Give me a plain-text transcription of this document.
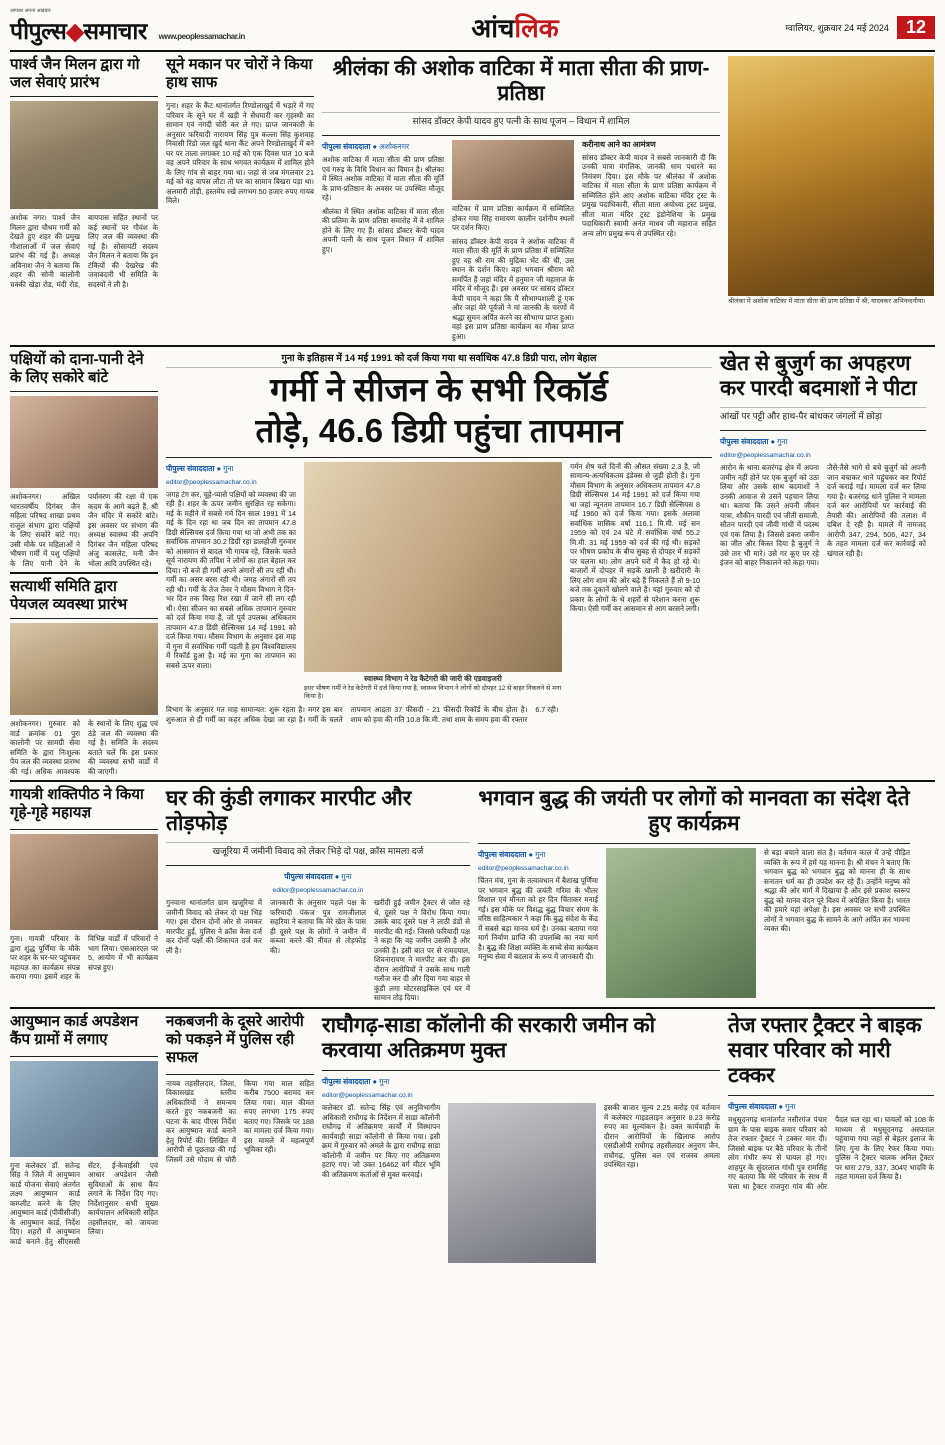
आपका अपना अखबार
पीपुल्स◆समाचार www.peoplessamachar.in	आंचलिक	ग्वालियर, शुक्रवार 24 मई 2024 12
पार्श्व जैन मिलन द्वारा गो जल सेवाएं प्रारंभ
अशोक नगर। पार्श्व जैन मिलन द्वारा चौथम गर्मी को देखते हुए शहर की प्रमुख गौशालाओं में जल सेवाएं प्रारंभ की गई हैं। अध्यक्ष अविनाश जैन ने बताया कि शहर की सोनी कालोनी चक्की खेड़ा रोड, मंदी रोड, बायपास सहित स्थानों पर कई स्थानों पर गौवंश के लिए जल की व्यवस्था की गई है। सोसायटी सदस्य जैन मिलन ने बताया कि इन टंकियों की देखरेख की जवाबदारी भी समिति के सदस्यों ने ली है।
सूने मकान पर चोरों ने किया हाथ साफ
गुना। शहर के कैंट थानांतर्गत रिण्डोलाखुर्द में भड़ारे में गए परिवार के सूने घर में खड़ी ने सेंधमारी कर गृहस्थी का सामान एवं नगदी चोरी कर ले गए। प्राप्त जानकारी के अनुसार फरियादी नारायण सिंह पुत्र कल्ला सिंह कुशवाह निवासी रिंडो जल खुर्द थाना कैंट अपने रिण्डोलाखुर्द में बने घर पर ताला लगाकर 10 मई को एक दिवस पात 10 बजे वह अपने परिवार के साथ भगवत कार्यक्रम में शामिल होने के लिए गांव से बाहर गया था। जहां से जब मंगलवार 21 मई को वह वापस लौटा तो घर का सामान बिखरा पड़ा था। अलमारी तोड़ी, हस्तमेघ रखे लगभग 50 हजार रुपए गायब मिले।
श्रीलंका की अशोक वाटिका में माता सीता की प्राण-प्रतिष्ठा
सांसद डॉक्टर केपी यादव हुए पत्नी के साथ पूजन – विधान में शामिल
पीपुल्स संवाददाता ● अशोकनगर
अशोक वाटिका में माता सीता की प्राण प्रतिष्ठा एवं गरुड़ के विधि विधान का विमान है। श्रीलंका में स्थित अशोक वाटिका में माता सीता की मूर्ति के प्राण-प्रतिष्ठान के अवसर पर उपस्थित मौजूद रहे।
श्रीलंका में स्थित अशोक वाटिका में माता सीता की प्रतिमा के प्राण प्रतिष्ठा समारोह में वे शामिल होने के लिए गए हैं। सांसद डॉक्टर केपी यादव अपनी पत्नी के साथ पूजन विधान में शामिल हुए।
वाटिका में प्राण प्रतिष्ठा कार्यक्रम में सम्मिलित होकर गया सिंह रामायण कालीन दर्शनीय स्थलों पर दर्शन किए।
सांसद डॉक्टर केपी यादव ने अशोक वाटिका में माता सीता की मूर्ति के प्राण प्रतिष्ठा में सम्मिलित हुए वह श्री राम की मुद्रिका भेंट की थी, उस स्थान के दर्शन किए। वहां भगवान श्रीराम को समर्पित हैं जहां मंदिर में हनुमान जी महाराज के मंदिर में मौजूद हैं। इस अवसर पर सांसद डॉक्टर केपी यादव ने कहा कि मैं सौभाग्यशाली हूं एक और जहां मेरे पूर्वजों ने मां जानकी के चरणों में श्रद्धा सुमन अर्पित करने का सौभाग्य प्राप्त हुआ। वहां इस प्राण प्रतिष्ठा कार्यक्रम का मौका प्राप्त हुआ।
करीनाथ आने का आमंत्रण
सांसद डॉक्टर केपी यादव ने सबसे जानकारी दी कि उनकी यात्रा मंगलिक, जानकी धाम पधारने का निमंत्रण दिया। इस मौके पर श्रीलंका में अशोक वाटिका में माता सीता के प्राण प्रतिष्ठा कार्यक्रम में सम्मिलित होने आए अशोक वाटिका मंदिर ट्रस्ट के प्रमुख पदाधिकारी, सीता माता अयोध्या ट्रस्ट प्रमुख, सीता माता मंदिर ट्रस्ट इंडोनेशिया के प्रमुख पदाधिकारी स्वामी अनंत माधव जी महाराज सहित अन्य लोग प्रमुख रूप से उपस्थित रहे।
श्रीलंका में अशोक वाटिका में माता सीता की प्राण प्रतिष्ठा में श्री, यादवकर अभिनन्दनीया।
पक्षियों को दाना-पानी देने के लिए सकोरे बांटे
अशोकनगर। अखिल भारतवर्षीय दिगंबर जैन महिला परिषद शाखा प्रथम राजुल संभाग द्वारा पक्षियों के लिए सकोरे बांटे गए। उसी मौके पर महिलाओं ने भीषण गर्मी में पशु पक्षियों के लिए पानी देने के पर्यावरण की रक्षा में एक कदम के आगे बढ़ते हैं, श्री जैन मंदिर में सकोरे बांटे। इस अवसर पर संभाग की अध्यक्ष स्वास्थ्य की अपनि दिगंबर जैन महिला परिषद अंजु कासलेट, मनी जैन भोला आदि उपस्थित रहे।
सत्यार्थी समिति द्वारा पेयजल व्यवस्था प्रारंभ
अशोकनगर। गुरुवार को वार्ड क्रमांक 01 पुरा कालोनी पर सामग्री सेवा समिति के द्वारा निःशुल्क पेय जल की व्यवस्था प्रारम्भ की गई। अधिक आवश्यक के स्थानों के लिए शुद्ध एवं ठंडे जल की व्यवस्था की गई है। समिति के सदस्य बताते चलें कि इस प्रकार की व्यवस्था सभी वार्डों में की जाएगी।
गुना के इतिहास में 14 मई 1991 को दर्ज किया गया था सर्वाधिक 47.8 डिग्री पारा, लोग बेहाल
गर्मी ने सीजन के सभी रिकॉर्ड
तोड़े, 46.6 डिग्री पहुंचा तापमान
पीपुल्स संवाददाता ● गुना
editor@peoplessamachar.co.in
जगह टंग कर, चूहे-प्यासे पक्षियों को व्यवस्था की जा रही है। शहर के ऊपर जमीन सुरक्षित रह सकेगा। मई के महीने में सबसे गर्म दिन साल 1991 में 14 मई के दिन रहा था जब दिन का तापमान 47.8 डिग्री सेल्सियस दर्ज किया गया था जो अभी तक का सर्वाधिक तापमान 30.2 डिग्री रहा डालहौजी गुरुवार को आसमान से बादल भी गायब रहे, जिसके चलते सूर्य नारायण की तपिश ने लोगों का हाल बेहाल कर दिया। नौ बजे ही गर्मी अपने अंगारों सी तप रही थी। गर्मी का असर बरस रही थी। जगह अंगारों सी तप रही थी। गर्मी के तेज तेवर ने मौसम विभाग ने दिन-भर दिन तक विरह रिश रखा में जाने सी लग रही थी। ऐसा सीजन का सबसे अधिक तापमान गुरुवार को दर्ज किया गया है, जो पूर्व उपलब्ध अधिकतम तापमान 47.8 डिग्री सेल्सियस 14 मई 1991 को दर्ज किया गया। मौसम विभाग के अनुसार इस माह में गुना में सर्वाधिक गर्मी पड़ती है हम विश्वविद्यालय में रिकॉर्ड हुआ है। मई का गुना का तापमान का सबसे ऊपर वाला।
स्वास्थ्य विभाग ने रेड कैटेगरी की जारी की एडवाइजरी
इधर भीषण गर्मी ने रेड केटेगरी में दर्ज किया गया है, स्वास्थ्य विभाग ने लोगों को दोपहर 12 से बाहर निकलने से मना किया है।
गर्मन शेष चले दिनों की औसत संख्या 2.3 है, जो सामान्य-अत्यधिकतम इंडेक्स से जुड़ी होती है। गुना मौसम विभाग के अनुसार अधिकतम तापमान 47.8 डिग्री सेल्सियस 14 मई 1991 को दर्ज किया गया था जहां न्यूनतम तापमान 16.7 डिग्री सेल्सियस 8 मई 1960 को दर्ज किया गया। इसके अलावा सर्वाधिक मासिक वर्षा 116.1 मि.मी. मई सन 1959 को एवं 24 घंटे में सर्वाधिक वर्षा 55.2 मि.मी. 31 मई 1959 को दर्ज की गई थी। सड़कों पर भीषण प्रकोप के बीच सुबह से दोपहर में सड़कों पर चलना था। लोग अपने घरों में कैद हो रहे थे। बाजारों में दोपहर में सड़कें खाली है खरीदारी के लिए लोग शाम की ओर बढ़े हैं निकलते हैं तो 9-10 बजे तक दुकानें खोलने वाले हैं। यहां गुरुवार को दो प्रकार के लोगों के थे शहरों से परेशान करना शुरू किया। ऐसी गर्मी कर आसमान से आग बरसने लगी।
विभाग के अनुसार गत माह सामान्यत: शुरू रहता है। मगर इस बार शुरुआत से ही गर्मी का कहर अधिक देखा जा रहा है। गर्मी के चलते तापमान आद्रता 37 फीसदी - 21 फीसदी रिकॉर्ड के बीच होता है। शाम को हवा की गति 10.8 कि.मी. तथा शाम के समय हवा की रफ्तार 6.7 रही।
खेत से बुजुर्ग का अपहरण कर पारदी बदमाशों ने पीटा
आंखों पर पट्टी और हाथ-पैर बांधकर जंगलों में छोड़ा
पीपुल्स संवाददाता ● गुना
editor@peoplessamachar.co.in
आरोन के थाना बजरंगढ़ क्षेत्र में अपना जमीन नहीं होने पर एक बुजुर्ग को उठा लिया और उसके साथ बदमाशों ने उनकी आवाज से उसने पहचान लिया था। बताया कि उसने अपनी जीवन यात्रा, शौकीन पारदी एवं जीती समाजी, सौतन पारदी एवं जीवी गांधी में पदस्थ एवं एक लिया है। जिससे डकरा जमीन का जीत और किस्त दिया है बुजुर्ग ने उसे तार भी मारे। उसे गर कूए पर रहे इंजन को बाहर निकालने को कहा गया। जैसे-तैसे भागे से बचे बुजुर्ग को अपनी जान बचाकर थाने पहुंचकर कर रिपोर्ट दर्ज कराई गई। मामला दर्ज कर लिया गया है। बजरंगढ़ थाने पुलिस ने मामला दर्ज कर आरोपियों पर कार्रवाई की तैयारी की। आरोपियों की तलाश में दबिश दे रही है। मामले में नामजद आरोपी 347, 294, 506, 427, 34 के तहत मामला दर्ज कर कार्रवाई को खंगाल रही है।
गायत्री शक्तिपीठ ने किया गृहे-गृहे महायज्ञ
गुना। गायत्री परिवार के द्वारा शुद्ध पूर्णिमा के मौके पर शहर के घर-घर पहुंचकर महायज्ञ का कार्यक्रम संपन्न कराया गया। इसमें शहर के विभिन्न वार्डों में परिवारों ने भाग लिया। एसआरएल पर 5, आयोग में भी कार्यक्रम संपन्न हुए।
घर की कुंडी लगाकर मारपीट और तोड़फोड़
खजूरिया में जमीनी विवाद को लेकर भिड़े दो पक्ष, क्रॉस मामला दर्ज
पीपुल्स संवाददाता ● गुना
editor@peoplessamachar.co.in
गुनवाना थानांतर्गत ग्राम खजूरिया में जमीनी विवाद को लेकर दो पक्ष भिड़ गए। इस दौरान दोनों ओर से जमकर मारपीट हुई, पुलिस ने क्रॉस केस दर्ज कर दोनों पक्षों की शिकायत दर्ज कर ली है।
जानकारी के अनुसार पहले पक्ष के फरियादी पंकज पुत्र रामजीलाल सहरिया ने बताया कि मेरे खेत के पास ही दूसरे पक्ष के लोगों ने जमीन में कब्जा करने की नीयत से तोड़फोड़ की।
खरीदी हुई जमीन ट्रैक्टर से जोत रहे थे, दूसरे पक्ष ने विरोध किया गया। उसके बाद दूसरे पक्ष ने लाठी डंडों से मारपीट की गई। जिससे फरियादी पक्ष ने कहा कि वह जमीन उसकी है और उनकी है। इसी बात पर से रामदयाल, शिवनारायण ने मारपीट कर दी। इस दौरान आरोपियों ने उसके साथ गाली गलौज कर दी और दिया गया बाहर से कुंडी लगा मोटरसाइकिल एवं घर में सामान तोड़ दिया।
भगवान बुद्ध की जयंती पर लोगों को मानवता का संदेश देते हुए कार्यक्रम
पीपुल्स संवाददाता ● गुना
editor@peoplessamachar.co.in
चिंतन मंच, गुना के तत्वावधान में बैशाख पूर्णिमा पर भगवान बुद्ध की जयंती गरिमा के भीतर विशाल एवं मौनता को हर दिन चिंताकर मनाई गई। इस मौके पर विशद्ध बुद्ध विचार संगम के वरिष्ठ साहित्यकार ने कहा कि बुद्ध संदेश के केंद्र में सबसे बड़ा मानव धर्म है। उनका बताया गया मार्ग निर्वाण प्राप्ति की उपलब्धि का नया मार्ग है। बुद्ध की शिक्षा व्यक्ति के सच्चे सेवा कार्यक्रम मनुष्य सेवा में बदलाव के रूप में जानकारी दी।
से बड़ा बचाने वाला संत है। वर्तमान काल में उन्हें पीड़ित व्यक्ति के रूप में हमें यह मानना है। श्री मंचन ने बताए कि भगवान बुद्ध को भगवान बुद्ध को मानना ही के साथ सनातन धर्म का ही उपदेश कर रहे हैं। उन्होंने मनुष्य को श्रद्धा की ओर मार्ग में दिखाया है और इसे प्रकाश स्वरूप बुद्ध को मानव वंदन पूरे विश्व में अपेक्षित किया है। भारत की हमारे यहां अपेक्षा है। इस अवसर पर सभी उपस्थित लोगों ने भगवान बुद्ध के सामने के आगे अर्पित कर भावना व्यक्त की।
आयुष्मान कार्ड अपडेशन कैंप ग्रामों में लगाए
गुना कलेक्टर डॉ. सतेन्द्र सिंह ने जिले में आयुष्मान कार्ड योजना सेवाएं अंतर्गत लक्ष्य आयुष्मान कार्ड कम्प्लीट करने के लिए आयुष्मान कार्ड (पीवीसीजी) के आयुष्मान कार्ड, निर्देश दिए। शहरों में आयुष्मान कार्ड बनाने हेतु सीएससी सेंटर, ई-केवाईसी एवं आधार अपडेशन जैसी सुविधाओं के साथ कैंप लगाने के निर्देश दिए गए। निर्देशानुसार सभी मुख्य कार्यपालन अधिकारी सहित तहसीलदार, को जायजा लिया।
नकबजनी के दूसरे आरोपी को पकड़ने में पुलिस रही सफल
नायब तहसीलदार, जिला, विकासखंड स्तरीय अधिकारियों ने समन्वय करते हुए नकबजनी का घटना के बाद पीएस निर्देश कर आयुष्मान कार्ड बनाने हेतु रिपोर्ट की। लिखित में आरोपी से पूछताछ की गई जिसमें उसे गोदाम से चोरी किया गया माल सहित करीब 7500 बरामद कर लिया गया। माल कीमत रुपए लगभग 175 रुपए बताए गए। जिसके पर 188 का मामला दर्ज किया गया। इस मामले में महत्वपूर्ण भूमिका रही।
राघौगढ़-साडा कॉलोनी की सरकारी जमीन को करवाया अतिक्रमण मुक्त
पीपुल्स संवाददाता ● गुना
editor@peoplessamachar.co.in
कलेक्टर डॉ. सतेन्द्र सिंह एवं अनुविभागीय अधिकारी राघौगढ़ के निर्देशन में साडा कॉलोनी राघौगढ़ में अतिक्रमण कार्यों में विस्थापन कार्यवाही साडा कॉलोनी से किया गया। इसी क्रम में गुरुवार को अमले के द्वारा राघौगढ़ साडा कॉलोनी में जमीन पर किए गए अतिक्रमण हटाए गए। जो उक्त 16462 वर्ग मीटर भूमि की अतिक्रमण कर्ताओं से मुक्त करवाई।
इसकी बाजार मूल्य 2.25 करोड़ एवं वर्तमान में कलेक्टर गाइडलाइन अनुसार 8.23 करोड़ रुपए का मूल्यांकन है। उक्त कार्यवाही के दौरान आरोपियों के खिलाफ आरोप एसडीओपी राघौगढ़ तहसीलदार अनुराग जैन, राघौगढ़, पुलिस बल एवं राजस्व अमला उपस्थित रहा।
तेज रफ्तार ट्रैक्टर ने बाइक सवार परिवार को मारी टक्कर
पीपुल्स संवाददाता ● गुना
मधुसूदनगढ़ थानांतर्गत नसीरगंज पंचार ग्राम के पास बाइक सवार परिवार को तेज रफ्तार ट्रैक्टर ने टक्कर मार दी। जिससे बाइक पर बैठे परिवार के तीनों लोग गंभीर रूप से घायल हो गए। शाहपुर के सुंदरलाल गांधी पुत्र रामसिंह गए बताया कि मेरे परिवार के साथ मैं चला था ट्रैक्टर राजपुरा गांव की ओर पैदल चल रहा था। घायलों को 108 के माध्यम से मधुसूदनगढ़ अस्पताल पहुंचाया गया जहां से बेहतर इलाज के लिए गुना के लिए रेफर किया गया। पुलिस ने ट्रैक्टर चालक अनिल ट्रैक्टर पर धारा 279, 337, 304ए भादवि के तहत मामला दर्ज किया है।
